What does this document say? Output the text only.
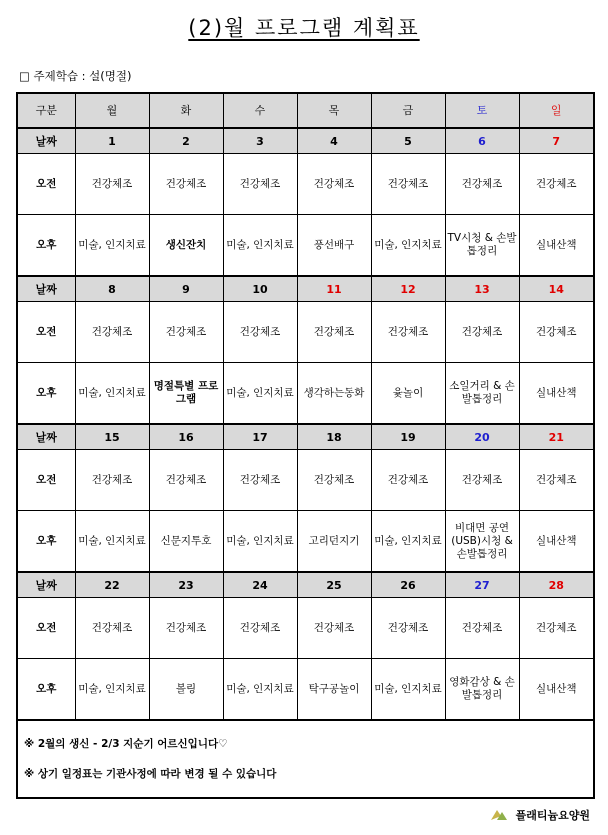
(2)월 프로그램 계획표
□ 주제학습 : 설(명절)
구분	월	화	수	목	금	토	일
날짜	1	2	3	4	5	6	7
오전	건강체조	건강체조	건강체조	건강체조	건강체조	건강체조	건강체조
오후	미술, 인지치료	생신잔치	미술, 인지치료	풍선배구	미술, 인지치료	TV시청 & 손발톱정리	실내산책
날짜	8	9	10	11	12	13	14
오전	건강체조	건강체조	건강체조	건강체조	건강체조	건강체조	건강체조
오후	미술, 인지치료	명절특별 프로그램	미술, 인지치료	생각하는동화	윷놀이	소일거리 & 손발톱정리	실내산책
날짜	15	16	17	18	19	20	21
오전	건강체조	건강체조	건강체조	건강체조	건강체조	건강체조	건강체조
오후	미술, 인지치료	신문지투호	미술, 인지치료	고리던지기	미술, 인지치료	비대면 공연(USB)시청 & 손발톱정리	실내산책
날짜	22	23	24	25	26	27	28
오전	건강체조	건강체조	건강체조	건강체조	건강체조	건강체조	건강체조
오후	미술, 인지치료	볼링	미술, 인지치료	탁구공놀이	미술, 인지치료	영화감상 & 손발톱정리	실내산책

※ 2월의 생신 - 2/3 지순기 어르신입니다♡
※ 상기 일정표는 기관사정에 따라 변경 될 수 있습니다							
플래티늄요양원
